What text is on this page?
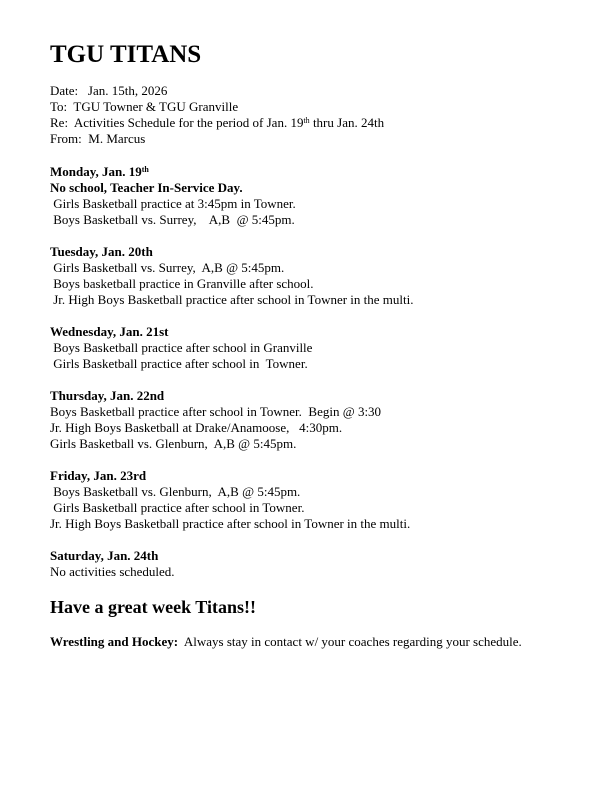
TGU TITANS
Date:   Jan. 15th, 2026
To:  TGU Towner & TGU Granville
Re:  Activities Schedule for the period of Jan. 19th thru Jan. 24th
From:  M. Marcus
Monday, Jan. 19th
No school, Teacher In-Service Day.
Girls Basketball practice at 3:45pm in Towner.
Boys Basketball vs. Surrey,    A,B  @ 5:45pm.
Tuesday, Jan. 20th
Girls Basketball vs. Surrey,  A,B @ 5:45pm.
Boys basketball practice in Granville after school.
Jr. High Boys Basketball practice after school in Towner in the multi.
Wednesday, Jan. 21st
Boys Basketball practice after school in Granville
Girls Basketball practice after school in  Towner.
Thursday, Jan. 22nd
Boys Basketball practice after school in Towner.  Begin @ 3:30
Jr. High Boys Basketball at Drake/Anamoose,   4:30pm.
Girls Basketball vs. Glenburn,  A,B @ 5:45pm.
Friday, Jan. 23rd
Boys Basketball vs. Glenburn,  A,B @ 5:45pm.
Girls Basketball practice after school in Towner.
Jr. High Boys Basketball practice after school in Towner in the multi.
Saturday, Jan. 24th
No activities scheduled.
Have a great week Titans!!
Wrestling and Hockey:  Always stay in contact w/ your coaches regarding your schedule.
